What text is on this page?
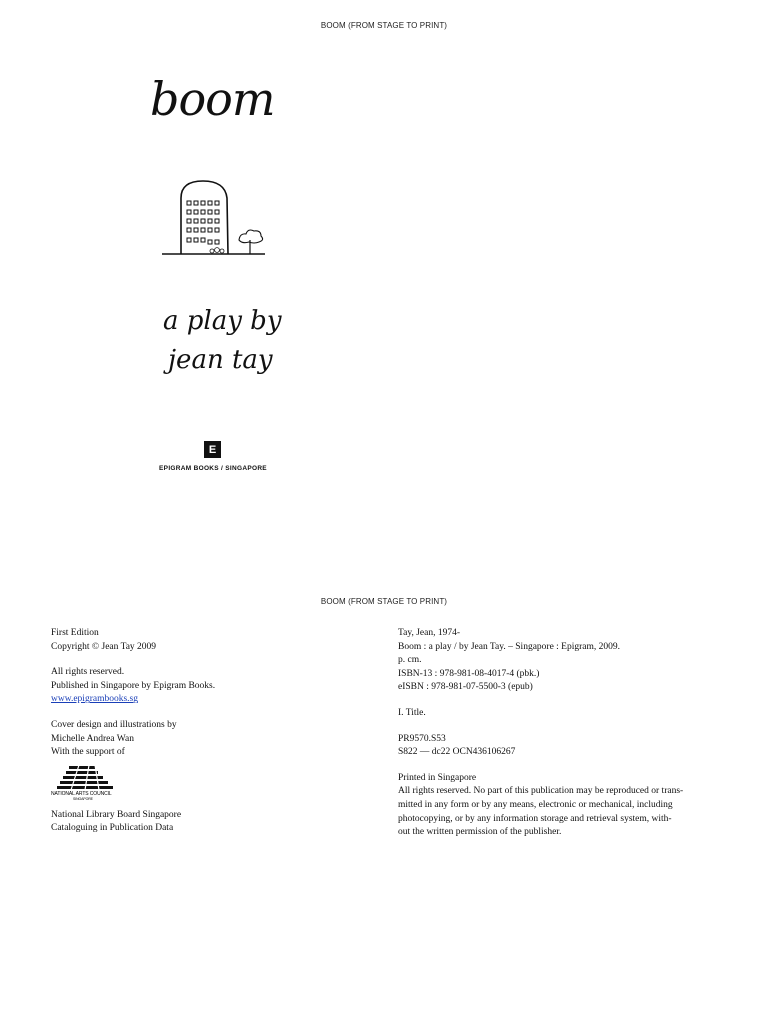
BOOM (FROM STAGE TO PRINT)
boom
a play by
jean tay
E
EPIGRAM BOOKS / SINGAPORE
BOOM (FROM STAGE TO PRINT)

First Edition

Copyright © Jean Tay 2009

All rights reserved.

Published in Singapore by Epigram Books.

www.epigrambooks.sg

Cover design and illustrations by

Michelle Andrea Wan

With the support of

NATIONAL ARTS COUNCIL
SINGAPORE

National Library Board Singapore

Cataloguing in Publication Data

Tay, Jean, 1974-

Boom : a play / by Jean Tay. – Singapore : Epigram, 2009.

p. cm.

ISBN-13 : 978-981-08-4017-4 (pbk.)

eISBN : 978-981-07-5500-3 (epub)

I. Title.

PR9570.S53

S822 — dc22 OCN436106267

Printed in Singapore

All rights reserved. No part of this publication may be reproduced or trans-

mitted in any form or by any means, electronic or mechanical, including

photocopying, or by any information storage and retrieval system, with-

out the written permission of the publisher.
